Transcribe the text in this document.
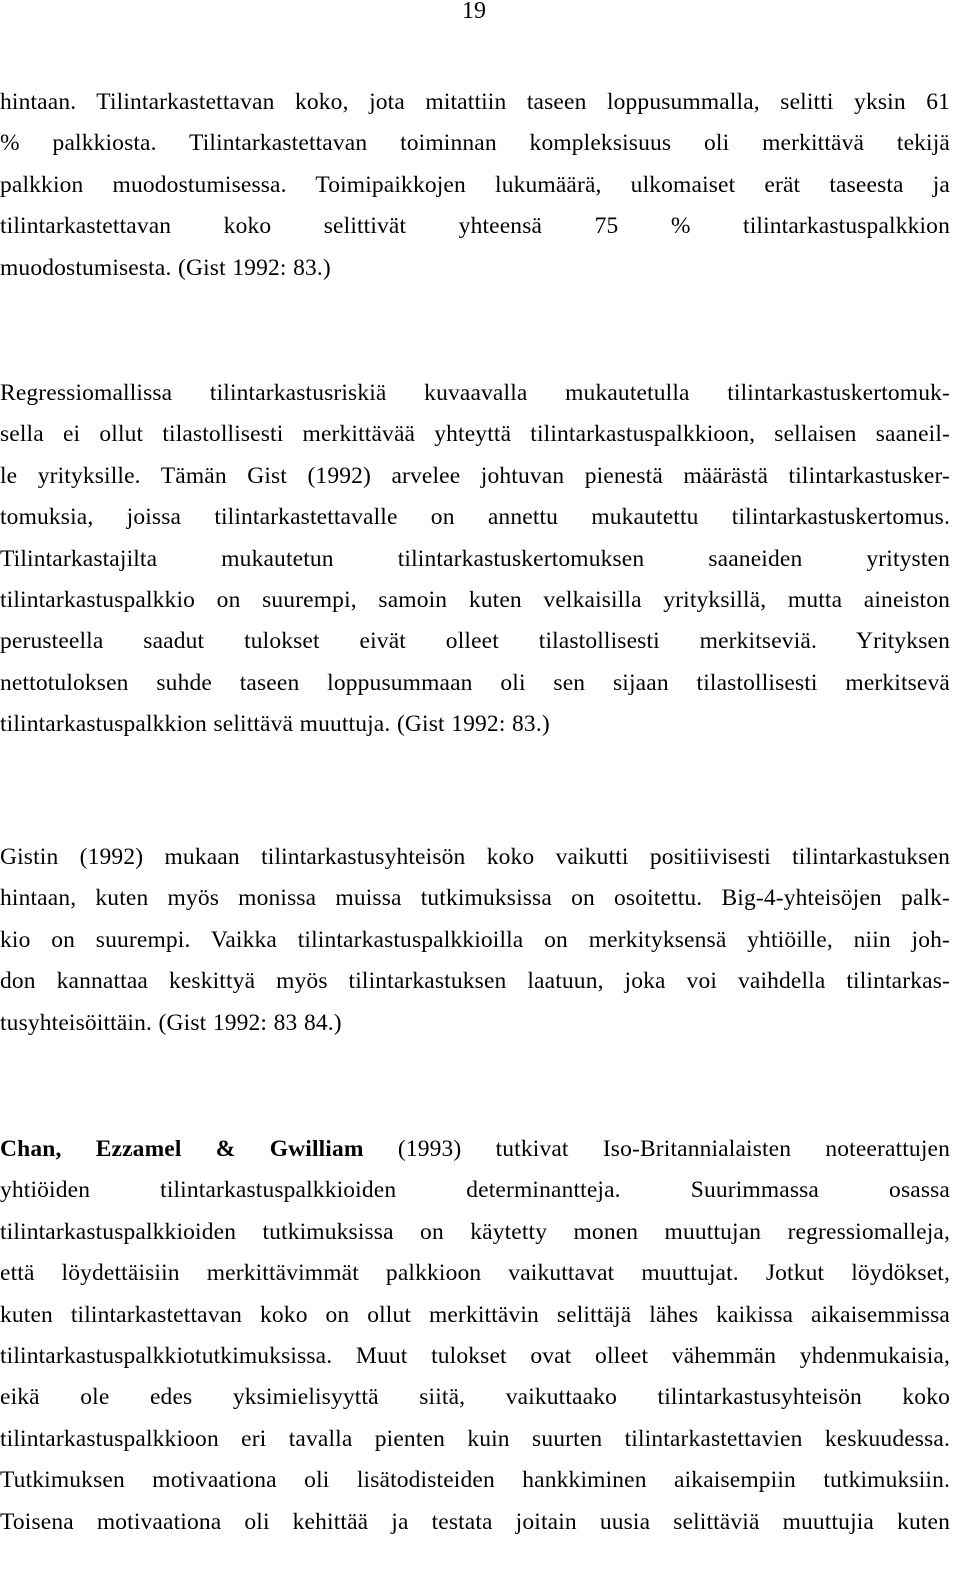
19
hintaan. Tilintarkastettavan koko, jota mitattiin taseen loppusummalla, selitti yksin 61
% palkkiosta. Tilintarkastettavan toiminnan kompleksisuus oli merkittävä tekijä
palkkion muodostumisessa. Toimipaikkojen lukumäärä, ulkomaiset erät taseesta ja
tilintarkastettavan koko selittivät yhteensä 75 % tilintarkastuspalkkion
muodostumisesta. (Gist 1992: 83.)
Regressiomallissa tilintarkastusriskiä kuvaavalla mukautetulla tilintarkastuskertomuk-
sella ei ollut tilastollisesti merkittävää yhteyttä tilintarkastuspalkkioon, sellaisen saaneil-
le yrityksille. Tämän Gist (1992) arvelee johtuvan pienestä määrästä tilintarkastusker-
tomuksia, joissa tilintarkastettavalle on annettu mukautettu tilintarkastuskertomus.
Tilintarkastajilta mukautetun tilintarkastuskertomuksen saaneiden yritysten
tilintarkastuspalkkio on suurempi, samoin kuten velkaisilla yrityksillä, mutta aineiston
perusteella saadut tulokset eivät olleet tilastollisesti merkitseviä. Yrityksen
nettotuloksen suhde taseen loppusummaan oli sen sijaan tilastollisesti merkitsevä
tilintarkastuspalkkion selittävä muuttuja. (Gist 1992: 83.)
Gistin (1992) mukaan tilintarkastusyhteisön koko vaikutti positiivisesti tilintarkastuksen
hintaan, kuten myös monissa muissa tutkimuksissa on osoitettu. Big-4-yhteisöjen palk-
kio on suurempi. Vaikka tilintarkastuspalkkioilla on merkityksensä yhtiöille, niin joh-
don kannattaa keskittyä myös tilintarkastuksen laatuun, joka voi vaihdella tilintarkas-
tusyhteisöittäin. (Gist 1992: 83 84.)
Chan, Ezzamel & Gwilliam (1993) tutkivat Iso-Britannialaisten noteerattujen
yhtiöiden tilintarkastuspalkkioiden determinantteja. Suurimmassa osassa
tilintarkastuspalkkioiden tutkimuksissa on käytetty monen muuttujan regressiomalleja,
että löydettäisiin merkittävimmät palkkioon vaikuttavat muuttujat. Jotkut löydökset,
kuten tilintarkastettavan koko on ollut merkittävin selittäjä lähes kaikissa aikaisemmissa
tilintarkastuspalkkiotutkimuksissa. Muut tulokset ovat olleet vähemmän yhdenmukaisia,
eikä ole edes yksimielisyyttä siitä, vaikuttaako tilintarkastusyhteisön koko
tilintarkastuspalkkioon eri tavalla pienten kuin suurten tilintarkastettavien keskuudessa.
Tutkimuksen motivaationa oli lisätodisteiden hankkiminen aikaisempiin tutkimuksiin.
Toisena motivaationa oli kehittää ja testata joitain uusia selittäviä muuttujia kuten
